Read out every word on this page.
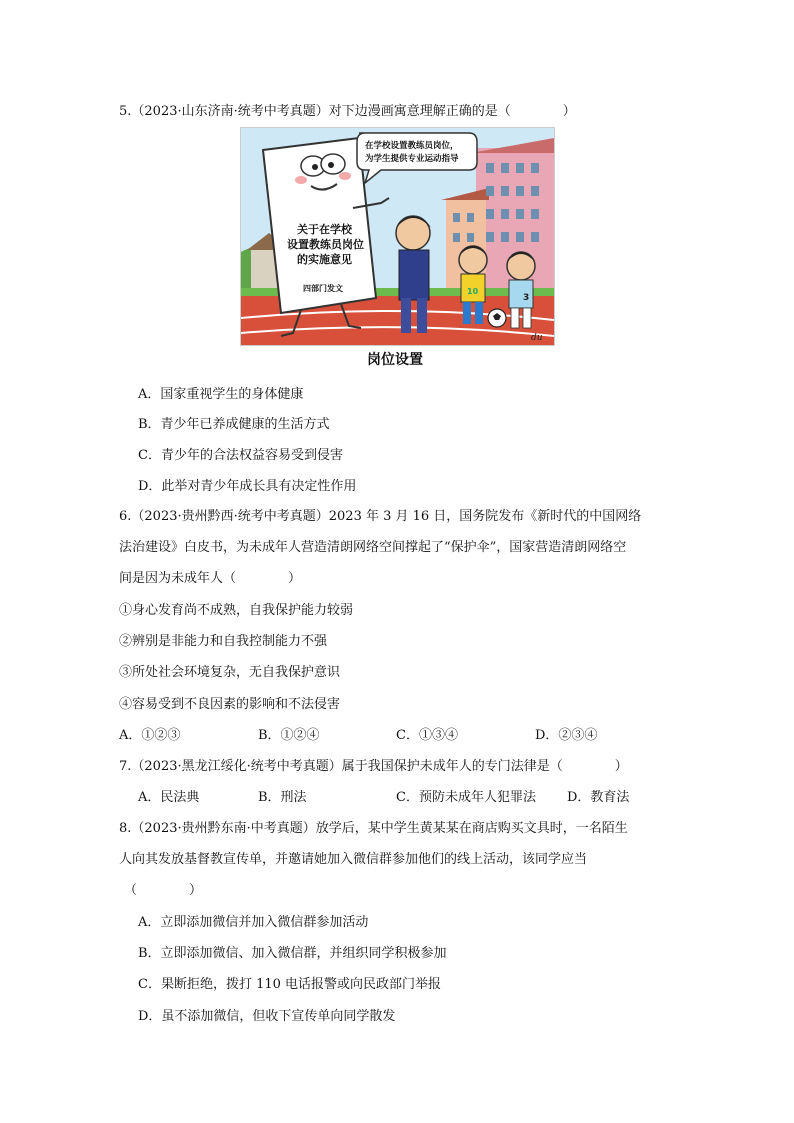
5.（2023·山东济南·统考中考真题）对下边漫画寓意理解正确的是（　　　　）
在学校设置教练员岗位，
为学生提供专业运动指导
关于在学校
设置教练员岗位
的实施意见
四部门发文	10
3
du
岗位设置
A．国家重视学生的身体健康
B．青少年已养成健康的生活方式
C．青少年的合法权益容易受到侵害
D．此举对青少年成长具有决定性作用
6.（2023·贵州黔西·统考中考真题）2023 年 3 月 16 日，国务院发布《新时代的中国网络
法治建设》白皮书，为未成年人营造清朗网络空间撑起了“保护伞”，国家营造清朗网络空
间是因为未成年人（　　　　）
①身心发育尚不成熟，自我保护能力较弱
②辨别是非能力和自我控制能力不强
③所处社会环境复杂，无自我保护意识
④容易受到不良因素的影响和不法侵害
A．①②③	B．①②④	C．①③④	D．②③④
7.（2023·黑龙江绥化·统考中考真题）属于我国保护未成年人的专门法律是（　　　　）
A．民法典	B．刑法	C．预防未成年人犯罪法 D．教育法
8.（2023·贵州黔东南·中考真题）放学后，某中学生黄某某在商店购买文具时，一名陌生
人向其发放基督教宣传单，并邀请她加入微信群参加他们的线上活动，该同学应当
（　　　　）
A．立即添加微信并加入微信群参加活动
B．立即添加微信、加入微信群，并组织同学积极参加
C．果断拒绝，拨打 110 电话报警或向民政部门举报
D．虽不添加微信，但收下宣传单向同学散发
